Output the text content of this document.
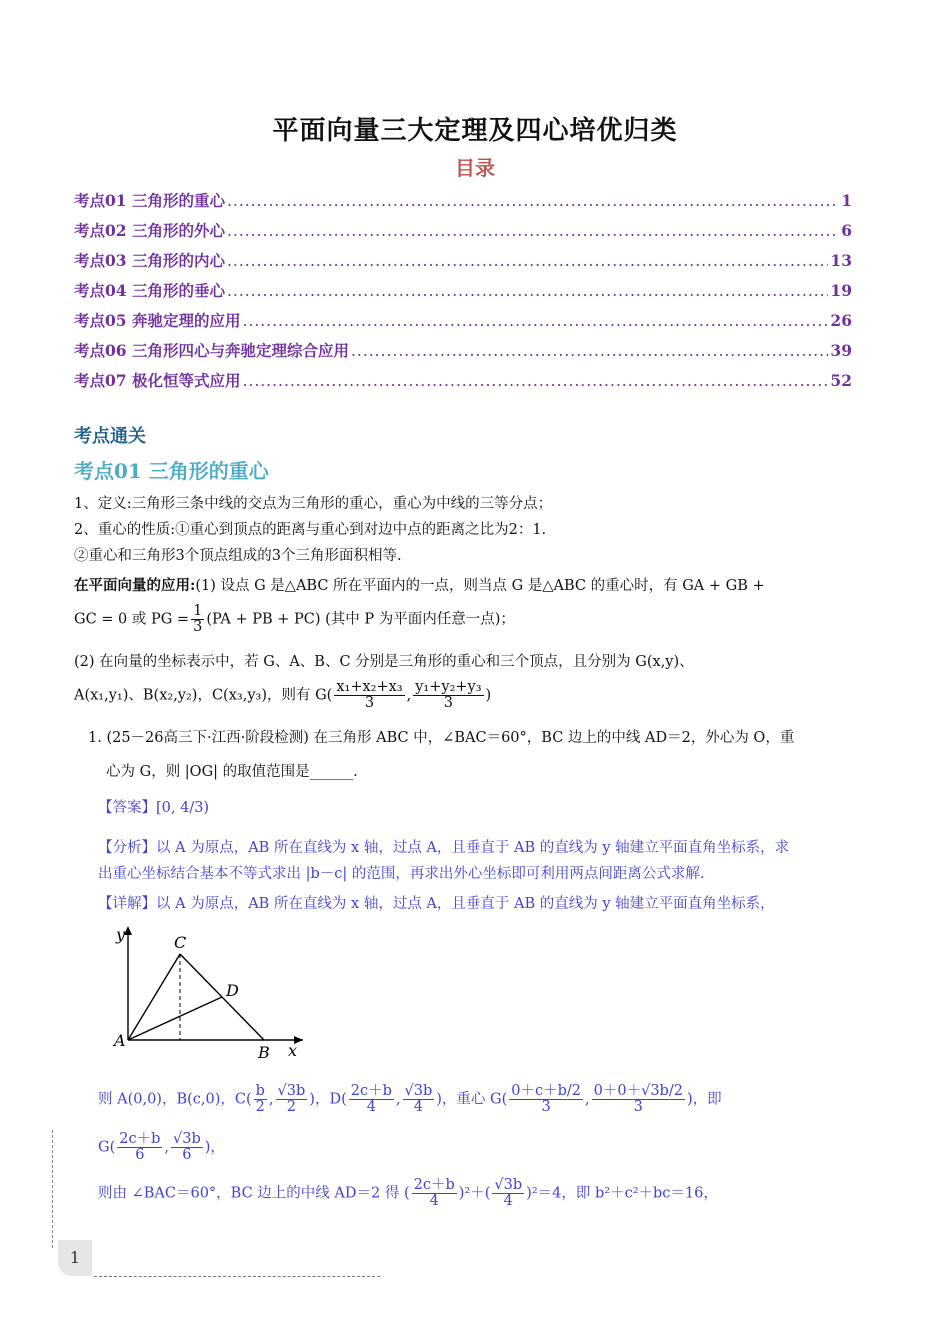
平面向量三大定理及四心培优归类
目录
考点01 三角形的重心 .....	1
考点02 三角形的外心 .....	6
考点03 三角形的内心 .....	13
考点04 三角形的垂心 .....	19
考点05 奔驰定理的应用 .....	26
考点06 三角形四心与奔驰定理综合应用 .....	39
考点07 极化恒等式应用 .....	52
考点通关
考点01 三角形的重心
1、定义:三角形三条中线的交点为三角形的重心，重心为中线的三等分点；
2、重心的性质:①重心到顶点的距离与重心到对边中点的距离之比为2：1.
②重心和三角形3个顶点组成的3个三角形面积相等.
在平面向量的应用:(1) 设点 G 是△ABC 所在平面内的一点，则当点 G 是△ABC 的重心时，有 GA + GB +
GC = 0 或 PG = $\frac{1}{3} (PA$ + PB + PC) (其中 P 为平面内任意一点)；
(2) 在向量的坐标表示中，若 G、A、B、C 分别是三角形的重心和三个顶点，且分别为 G(x,y)、
A(x₁,y₁)、B(x₂,y₂)，C(x₃,y₃)，则有 $G( \frac{\text{x₁+x₂+x₃}}{3}$ , $\frac{\text{y₁+y₂+y₃}}{3}$ )
1. (25－26高三下·江西·阶段检测) 在三角形 ABC 中，∠BAC＝60°，BC 边上的中线 AD＝2，外心为 O，重
心为 G，则 |OG| 的取值范围是______.
【答案】[0, 4/3)
【分析】以 A 为原点，AB 所在直线为 x 轴，过点 A，且垂直于 AB 的直线为 y 轴建立平面直角坐标系，求
出重心坐标结合基本不等式求出 |b－c| 的范围，再求出外心坐标即可利用两点间距离公式求解.
【详解】以 A 为原点，AB 所在直线为 x 轴，过点 A，且垂直于 AB 的直线为 y 轴建立平面直角坐标系，
y
x
A
B
C
D
则 A(0,0)，B(c,0)，$C( \frac{b}{2}$ , $\frac{√3b}{2}$ )，$D( \frac{2c+b}{4}$ , $\frac{√3b}{4}$ )，重心 $G( \frac{0+c+b/2}{3}$ , $\frac{0+0+√3b/2}{3}$ )，即
$G( \frac{2c+b}{6}$ , $\frac{√3b}{6}$ )，
则由 ∠BAC＝60°，BC 边上的中线 AD＝2 得 ( $\frac{2c+b}{4} )^2+( \frac{√3b}{4} )^2=4$，即 b²＋c²＋bc＝16，
1
